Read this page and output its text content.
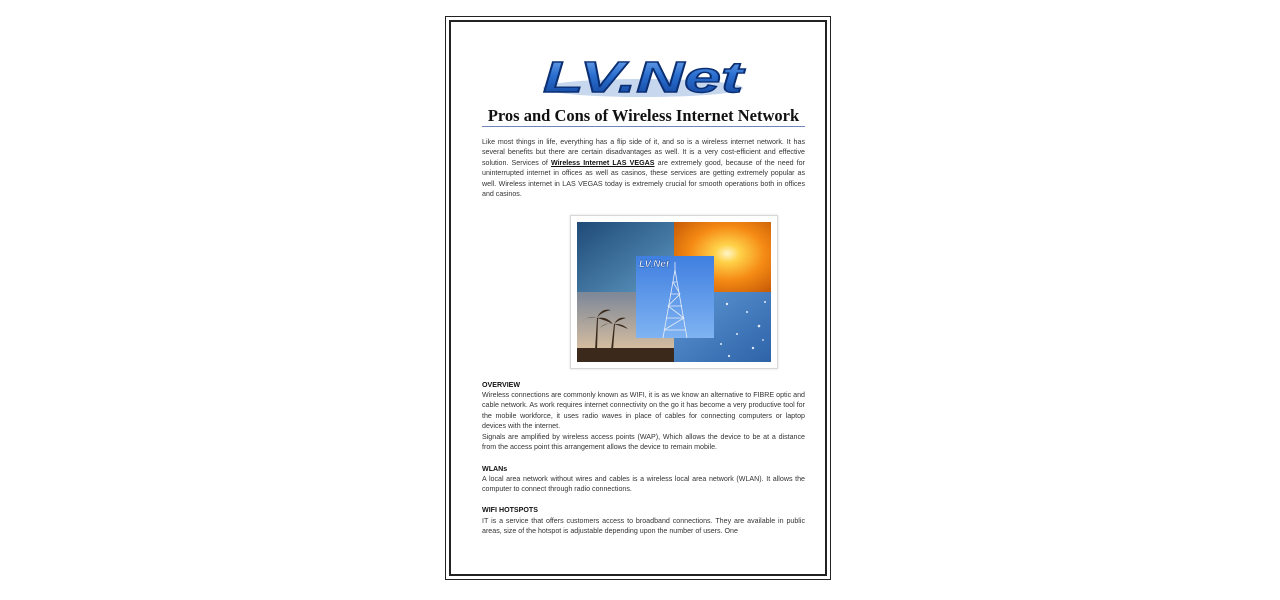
LV.Net
Pros and Cons of Wireless Internet Network

Like most things in life, everything has a flip side of it, and so is a wireless internet network. It has several benefits but there are certain disadvantages as well. It is a very cost-efficient and effective solution. Services of Wireless Internet LAS VEGAS are extremely good, because of the need for uninterrupted internet in offices as well as casinos, these services are getting extremely popular as well. Wireless internet in LAS VEGAS today is extremely crucial for smooth operations both in offices and casinos.

LV.Net

OVERVIEW

Wireless connections are commonly known as WIFI, it is as we know an alternative to FIBRE optic and cable network. As work requires internet connectivity on the go it has become a very productive tool for the mobile workforce, it uses radio waves in place of cables for connecting computers or laptop devices with the internet.

Signals are amplified by wireless access points (WAP), Which allows the device to be at a distance from the access point this arrangement allows the device to remain mobile.

WLANs

A local area network without wires and cables is a wireless local area network (WLAN). It allows the computer to connect through radio connections.

WIFI HOTSPOTS

IT is a service that offers customers access to broadband connections. They are available in public areas, size of the hotspot is adjustable depending upon the number of users. One
